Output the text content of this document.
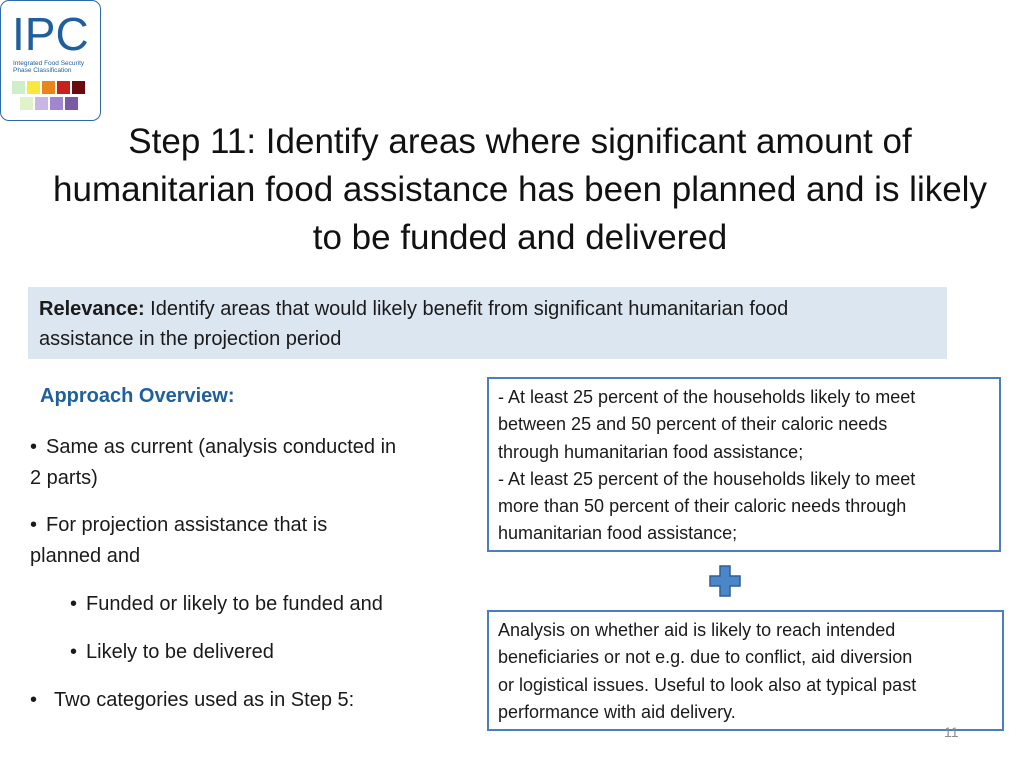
IPC
Integrated Food Security
Phase Classification
Step 11: Identify areas where significant amount of
humanitarian food assistance has been planned and is likely
to be funded and delivered
Relevance: Identify areas that would likely benefit from significant humanitarian food
assistance in the projection period
Approach Overview:
• Same as current (analysis conducted in
2 parts)
• For projection assistance that is
planned and
• Funded or likely to be funded and
• Likely to be delivered
• Two categories used as in Step 5:

- At least 25 percent of the households likely to meet

between 25 and 50 percent of their caloric needs

through humanitarian food assistance;

- At least 25 percent of the households likely to meet

more than 50 percent of their caloric needs through

humanitarian food assistance;

Analysis on whether aid is likely to reach intended

beneficiaries or not e.g. due to conflict, aid diversion

or logistical issues. Useful to look also at typical past

performance with aid delivery.

11
